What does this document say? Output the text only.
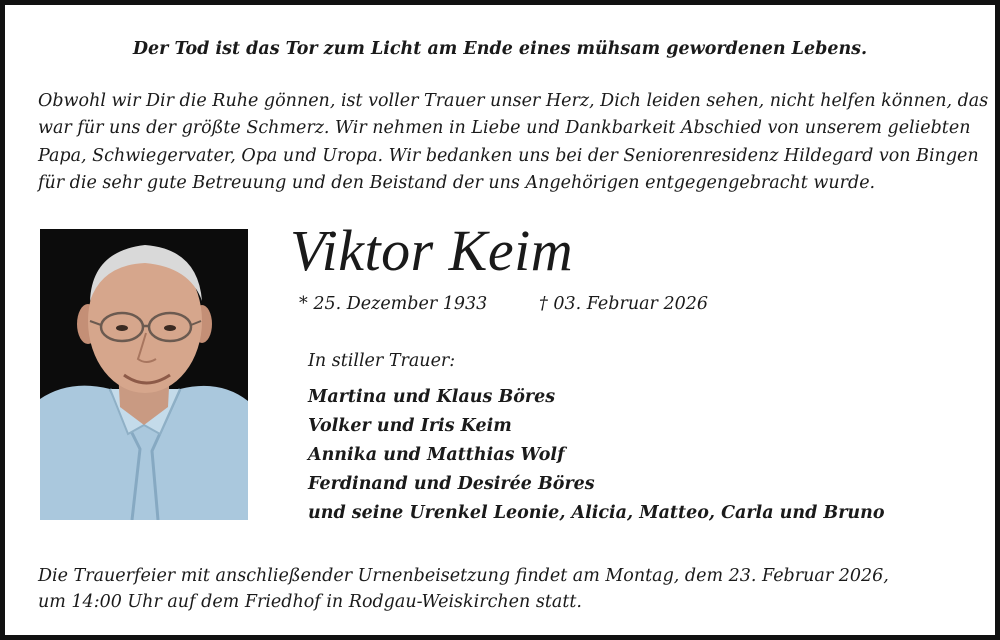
Der Tod ist das Tor zum Licht am Ende eines mühsam gewordenen Lebens.
Obwohl wir Dir die Ruhe gönnen, ist voller Trauer unser Herz, Dich leiden sehen, nicht helfen können, das
war für uns der größte Schmerz. Wir nehmen in Liebe und Dankbarkeit Abschied von unserem geliebten
Papa, Schwiegervater, Opa und Uropa. Wir bedanken uns bei der Seniorenresidenz Hildegard von Bingen
für die sehr gute Betreuung und den Beistand der uns Angehörigen entgegengebracht wurde.
Viktor Keim
* 25. Dezember 1933	† 03. Februar 2026
In stiller Trauer:
Martina und Klaus Böres
Volker und Iris Keim
Annika und Matthias Wolf
Ferdinand und Desirée Böres
und seine Urenkel Leonie, Alicia, Matteo, Carla und Bruno
Die Trauerfeier mit anschließender Urnenbeisetzung findet am Montag, dem 23. Februar 2026,
um 14:00 Uhr auf dem Friedhof in Rodgau-Weiskirchen statt.
